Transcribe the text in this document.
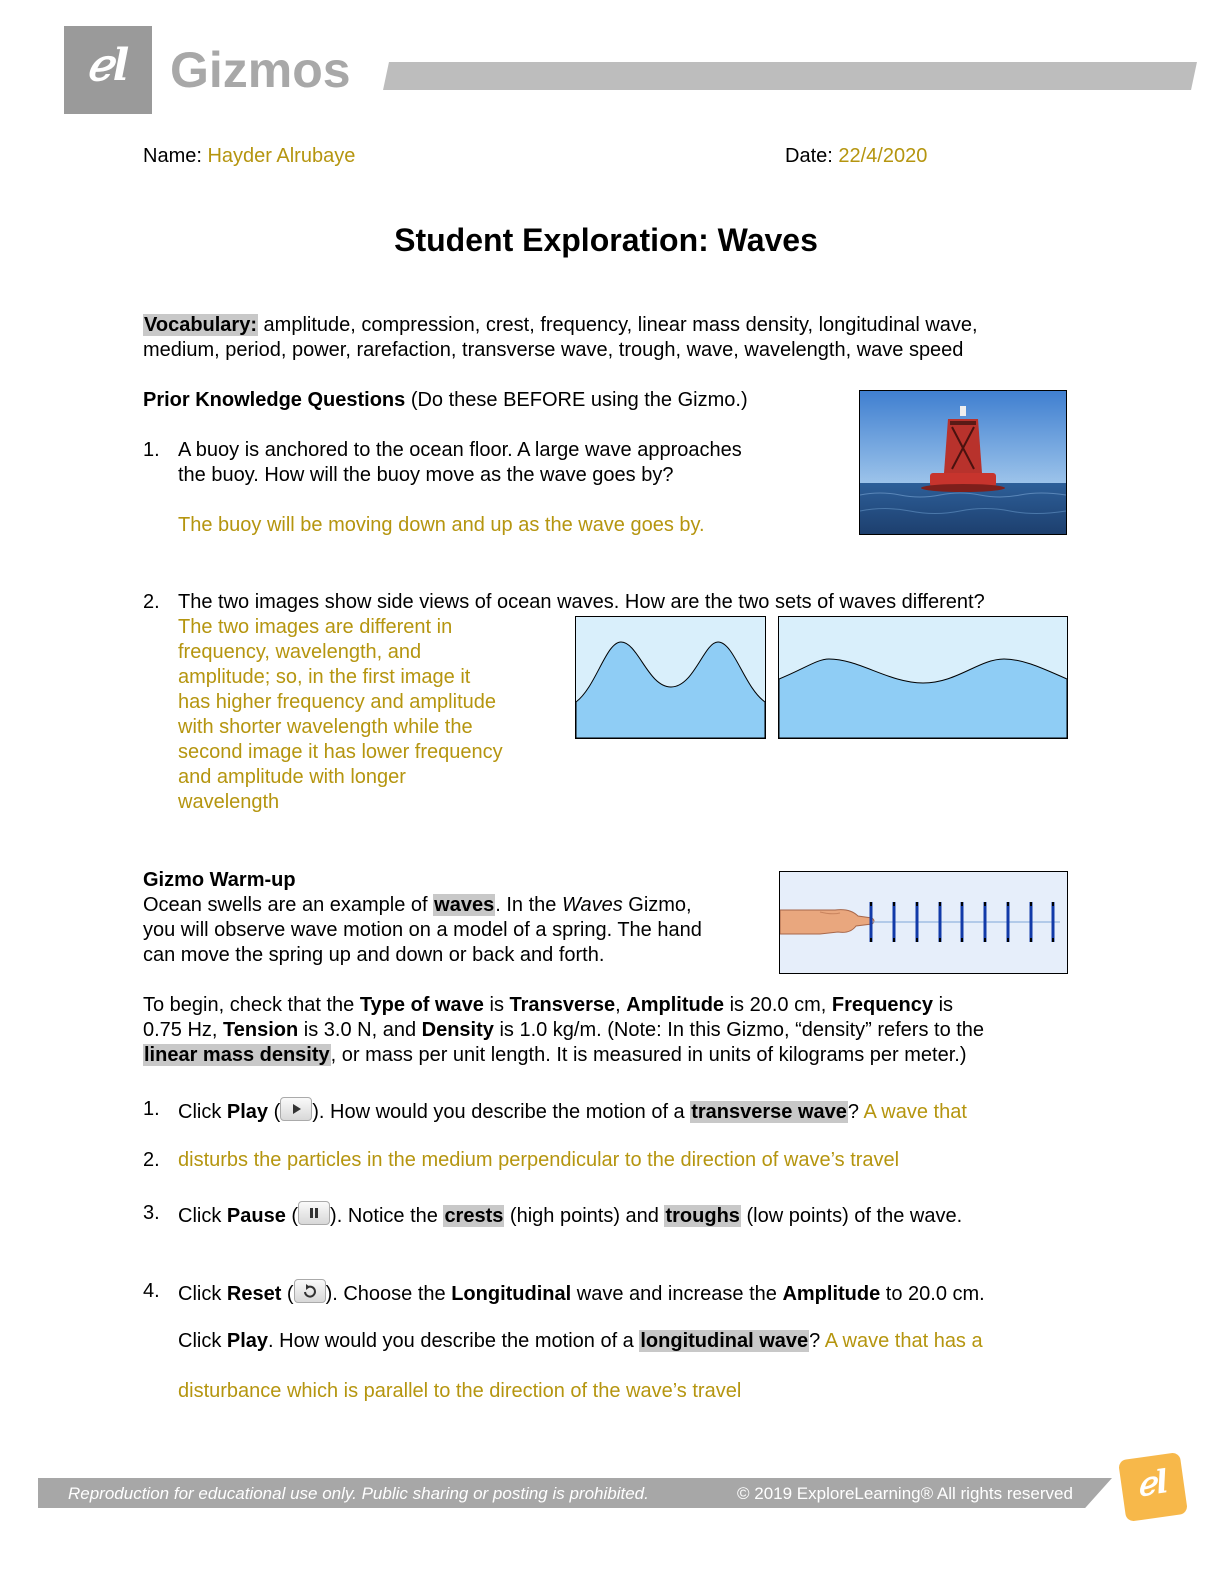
ℯl Gizmos
Name: Hayder Alrubaye	Date: 22/4/2020
Student Exploration: Waves
Vocabulary: amplitude, compression, crest, frequency, linear mass density, longitudinal wave,
medium, period, power, rarefaction, transverse wave, trough, wave, wavelength, wave speed
Prior Knowledge Questions (Do these BEFORE using the Gizmo.)
1. A buoy is anchored to the ocean floor. A large wave approaches
the buoy. How will the buoy move as the wave goes by?
The buoy will be moving down and up as the wave goes by.
2. The two images show side views of ocean waves. How are the two sets of waves different?
The two images are different in
frequency, wavelength, and
amplitude; so, in the first image it
has higher frequency and amplitude
with shorter wavelength while the
second image it has lower frequency
and amplitude with longer
wavelength
Gizmo Warm-up
Ocean swells are an example of waves. In the Waves Gizmo,
you will observe wave motion on a model of a spring. The hand
can move the spring up and down or back and forth.
To begin, check that the Type of wave is Transverse, Amplitude is 20.0 cm, Frequency is
0.75 Hz, Tension is 3.0 N, and Density is 1.0 kg/m. (Note: In this Gizmo, “density” refers to the
linear mass density, or mass per unit length. It is measured in units of kilograms per meter.)
1. Click Play ( ). How would you describe the motion of a transverse wave? A wave that
2. disturbs the particles in the medium perpendicular to the direction of wave’s travel
3. Click Pause ( ). Notice the crests (high points) and troughs (low points) of the wave.
4. Click Reset ( ). Choose the Longitudinal wave and increase the Amplitude to 20.0 cm.
Click Play. How would you describe the motion of a longitudinal wave? A wave that has a
disturbance which is parallel to the direction of the wave’s travel
Reproduction for educational use only. Public sharing or posting is prohibited.	© 2019 ExploreLearning® All rights reserved	ℯl
